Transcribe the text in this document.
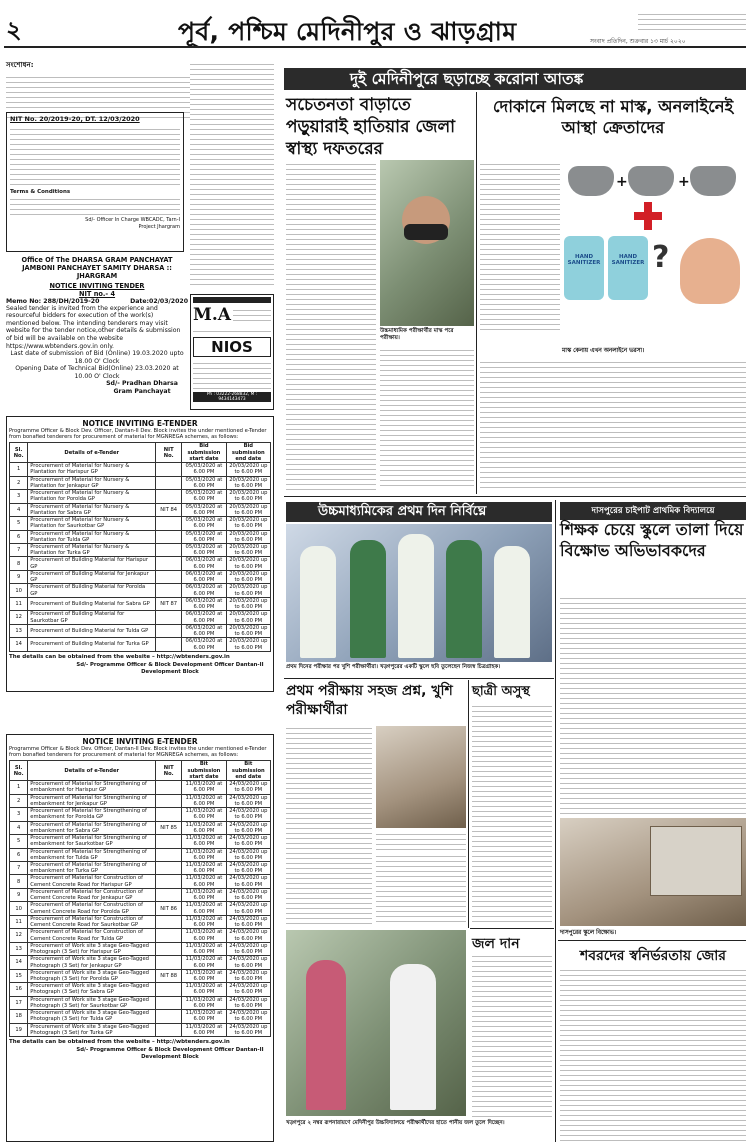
২	পূর্ব, পশ্চিম মেদিনীপুর ও ঝাড়গ্রাম	সংবাদ প্রতিদিন, শুক্রবার ১৩ মার্চ ২০২০
সংশোধন:
NIT No. 20/2019-20, DT. 12/03/2020
Terms & Conditions
Sd/- Officer In Charge WBCADC, Tarn-I Project Jhargram
Office Of The DHARSA GRAM PANCHAYAT JAMBONI PANCHAYET SAMITY DHARSA :: JHARGRAM
NOTICE INVITING TENDER
NIT no.- 4
Memo No: 288/DH/2019-20	Date:02/03/2020
Sealed tender is invited from the experience and resourceful bidders for execution of the work(s) mentioned below. The intending tenderers may visit website for the tender notice,other details & submission of bid will be available on the website https://www.wbtenders.gov.in only.
Last date of submission of Bid (Online) 19.03.2020 upto 18.00 O' Clock
Opening Date of Technical Bid(Online) 23.03.2020 at 10.00 O' Clock
Sd/- Pradhan Dharsa Gram Panchayat
M.A
NIOS
Ph : 03222-268832, M : 9434143473
NOTICE INVITING E-TENDER
Programme Officer & Block Dev. Officer, Dantan-II Dev. Block invites the under mentioned e-Tender from bonafied tenderers for procurement of material for MGNREGA schemes, as follows:
Sl. No.	Details of e-Tender	NIT No.	Bid submission start date	Bid submission end date
1	Procurement of Material for Nursery & Plantation for Harispur GP		05/03/2020 at 6.00 PM	20/03/2020 up to 6.00 PM
2	Procurement of Material for Nursery & Plantation for Jenkapur GP		05/03/2020 at 6.00 PM	20/03/2020 up to 6.00 PM
3	Procurement of Material for Nursery & Plantation for Porolda GP		05/03/2020 at 6.00 PM	20/03/2020 up to 6.00 PM
4	Procurement of Material for Nursery & Plantation for Sabra GP	NIT 84	05/03/2020 at 6.00 PM	20/03/2020 up to 6.00 PM
5	Procurement of Material for Nursery & Plantation for Saurkotbar GP		05/03/2020 at 6.00 PM	20/03/2020 up to 6.00 PM
6	Procurement of Material for Nursery & Plantation for Tulda GP		05/03/2020 at 6.00 PM	20/03/2020 up to 6.00 PM
7	Procurement of Material for Nursery & Plantation for Turka GP		05/03/2020 at 6.00 PM	20/03/2020 up to 6.00 PM
8	Procurement of Building Material for Harispur GP		06/03/2020 at 6.00 PM	20/03/2020 up to 6.00 PM
9	Procurement of Building Material for Jenkapur GP		06/03/2020 at 6.00 PM	20/03/2020 up to 6.00 PM
10	Procurement of Building Material for Porolda GP		06/03/2020 at 6.00 PM	20/03/2020 up to 6.00 PM
11	Procurement of Building Material for Sabra GP	NIT 87	06/03/2020 at 6.00 PM	20/03/2020 up to 6.00 PM
12	Procurement of Building Material for Saurkotbar GP		06/03/2020 at 6.00 PM	20/03/2020 up to 6.00 PM
13	Procurement of Building Material for Tulda GP		06/03/2020 at 6.00 PM	20/03/2020 up to 6.00 PM
14	Procurement of Building Material for Turka GP		06/03/2020 at 6.00 PM	20/03/2020 up to 6.00 PM
The details can be obtained from the website – http://wbtenders.gov.in
Sd/- Programme Officer & Block Development Officer Dantan-II Development Block
NOTICE INVITING E-TENDER
Programme Officer & Block Dev. Officer, Dantan-II Dev. Block invites the under mentioned e-Tender from bonafied tenderers for procurement of material for MGNREGA schemes, as follows:
Sl. No.	Details of e-Tender	NIT No.	Bit submission start date	Bit submission end date
1	Procurement of Material for Strengthening of embankment for Harispur GP		11/03/2020 at 6.00 PM	24/03/2020 up to 6.00 PM
2	Procurement of Material for Strengthening of embankment for Jenkapur GP		11/03/2020 at 6.00 PM	24/03/2020 up to 6.00 PM
3	Procurement of Material for Strengthening of embankment for Porolda GP		11/03/2020 at 6.00 PM	24/03/2020 up to 6.00 PM
4	Procurement of Material for Strengthening of embankment for Sabra GP	NIT 85	11/03/2020 at 6.00 PM	24/03/2020 up to 6.00 PM
5	Procurement of Material for Strengthening of embankment for Saurkotbar GP		11/03/2020 at 6.00 PM	24/03/2020 up to 6.00 PM
6	Procurement of Material for Strengthening of embankment for Tulda GP		11/03/2020 at 6.00 PM	24/03/2020 up to 6.00 PM
7	Procurement of Material for Strengthening of embankment for Turka GP		11/03/2020 at 6.00 PM	24/03/2020 up to 6.00 PM
8	Procurement of Material for Construction of Cement Concrete Road for Harispur GP		11/03/2020 at 6.00 PM	24/03/2020 up to 6.00 PM
9	Procurement of Material for Construction of Cement Concrete Road for Jenkapur GP		11/03/2020 at 6.00 PM	24/03/2020 up to 6.00 PM
10	Procurement of Material for Construction of Cement Concrete Road for Porolda GP	NIT 86	11/03/2020 at 6.00 PM	24/03/2020 up to 6.00 PM
11	Procurement of Material for Construction of Cement Concrete Road for Saurkotbar GP		11/03/2020 at 6.00 PM	24/03/2020 up to 6.00 PM
12	Procurement of Material for Construction of Cement Concrete Road for Tulda GP		11/03/2020 at 6.00 PM	24/03/2020 up to 6.00 PM
13	Procurement of Work site 3 stage Geo-Tagged Photograph (3 Set) for Harispur GP		11/03/2020 at 6.00 PM	24/03/2020 up to 6.00 PM
14	Procurement of Work site 3 stage Geo-Tagged Photograph (3 Set) for Jenkapur GP		11/03/2020 at 6.00 PM	24/03/2020 up to 6.00 PM
15	Procurement of Work site 3 stage Geo-Tagged Photograph (3 Set) for Porolda GP	NIT 88	11/03/2020 at 6.00 PM	24/03/2020 up to 6.00 PM
16	Procurement of Work site 3 stage Geo-Tagged Photograph (3 Set) for Sabra GP		11/03/2020 at 6.00 PM	24/03/2020 up to 6.00 PM
17	Procurement of Work site 3 stage Geo-Tagged Photograph (3 Set) for Saurkotbar GP		11/03/2020 at 6.00 PM	24/03/2020 up to 6.00 PM
18	Procurement of Work site 3 stage Geo-Tagged Photograph (3 Set) for Tulda GP		11/03/2020 at 6.00 PM	24/03/2020 up to 6.00 PM
19	Procurement of Work site 3 stage Geo-Tagged Photograph (3 Set) for Turka GP		11/03/2020 at 6.00 PM	24/03/2020 up to 6.00 PM
The details can be obtained from the website – http://wbtenders.gov.in
Sd/- Programme Officer & Block Development Officer Dantan-II Development Block
দুই মেদিনীপুরে ছড়াচ্ছে করোনা আতঙ্ক
সচেতনতা বাড়াতে পড়ুয়ারাই হাতিয়ার জেলা স্বাস্থ্য দফতরের
উচ্চমাধ্যমিক পরীক্ষার্থীর মাস্ক পরে পরীক্ষায়।
দোকানে মিলছে না মাস্ক, অনলাইনেই আস্থা ক্রেতাদের
+	+
HAND SANITIZER
HAND SANITIZER ?
মাস্ক কেনায় এখন অনলাইনে ভরসা।
উচ্চমাধ্যমিকের প্রথম দিন নির্বিঘ্নে
প্রথম দিনের পরীক্ষার পর খুশি পরীক্ষার্থীরা। খড়্গপুরের একটি স্কুলে ছবি তুলেছেন নিজস্ব চিত্রগ্রাহক।
দাসপুরের চাইপাট প্রাথমিক বিদ্যালয়ে
শিক্ষক চেয়ে স্কুলে তালা দিয়ে বিক্ষোভ অভিভাবকদের
দাসপুরের স্কুলে বিক্ষোভ।
শবরদের স্বনির্ভরতায় জোর
প্রথম পরীক্ষায় সহজ প্রশ্ন, খুশি পরীক্ষার্থীরা
ছাত্রী অসুস্থ
জল দান
খড়্গপুরে ২ নম্বর রূপনারায়ণে মেদিনীপুর উচ্চবিদ্যালয়ে পরীক্ষার্থীদের হাতে পানীয় জল তুলে দিচ্ছেন।
